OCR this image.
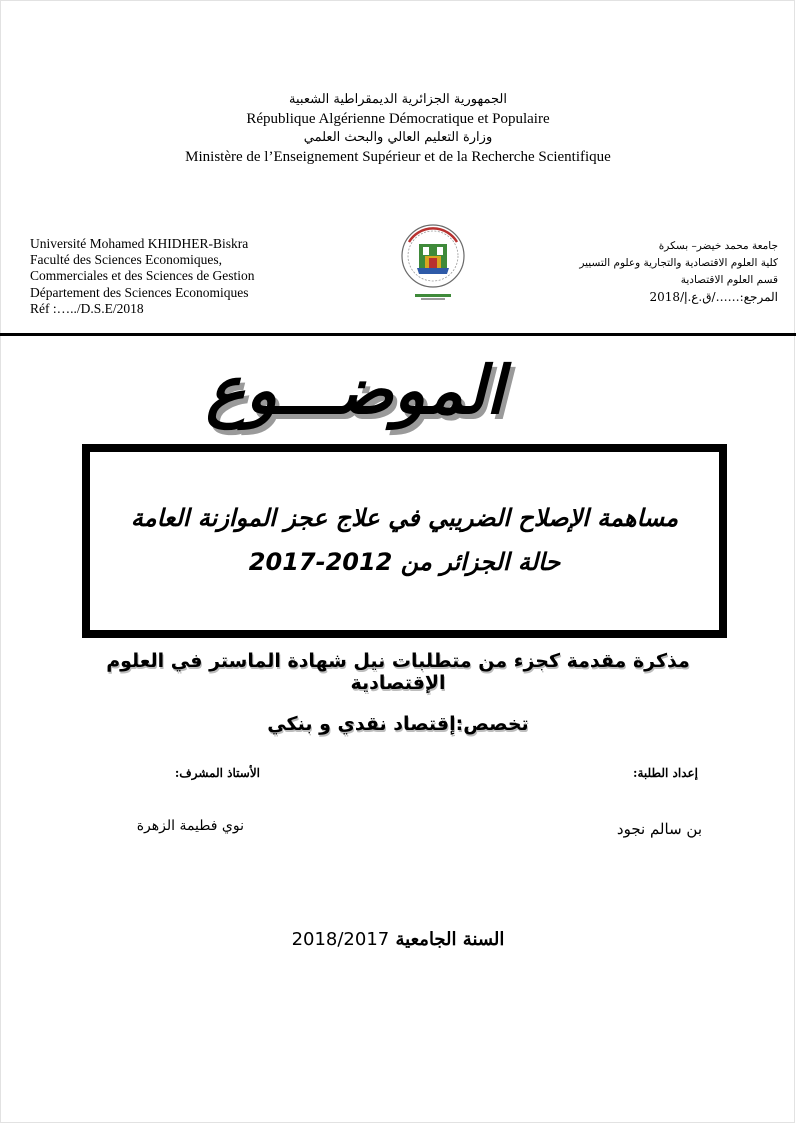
الجمهورية الجزائرية الديمقراطية الشعبية
République Algérienne Démocratique et Populaire
وزارة التعليم العالي والبحث العلمي
Ministère de l’Enseignement Supérieur et de la Recherche Scientifique
Université Mohamed KHIDHER-Biskra
Faculté des Sciences Economiques,
Commerciales et des Sciences de Gestion
Département des Sciences Economiques
Réf :…../D.S.E/2018
جامعة محمد خيضر– بسكرة
كلية العلوم الاقتصادية والتجارية وعلوم التسيير
قسم العلوم الاقتصادية
المرجع:……/ق.ع.إ/2018
الموضـــوع
مساهمة الإصلاح الضريبي في علاج عجز الموازنة العامة
حالة الجزائر من 2012-2017
مذكرة مقدمة كجزء من متطلبات نيل شهادة الماستر في العلوم الإقتصادية
تخصص:إقتصاد نقدي و بنكي
إعداد الطلبة:
الأستاذ المشرف:
بن سالم نجود
نوي فطيمة الزهرة
السنة الجامعية 2018/2017
